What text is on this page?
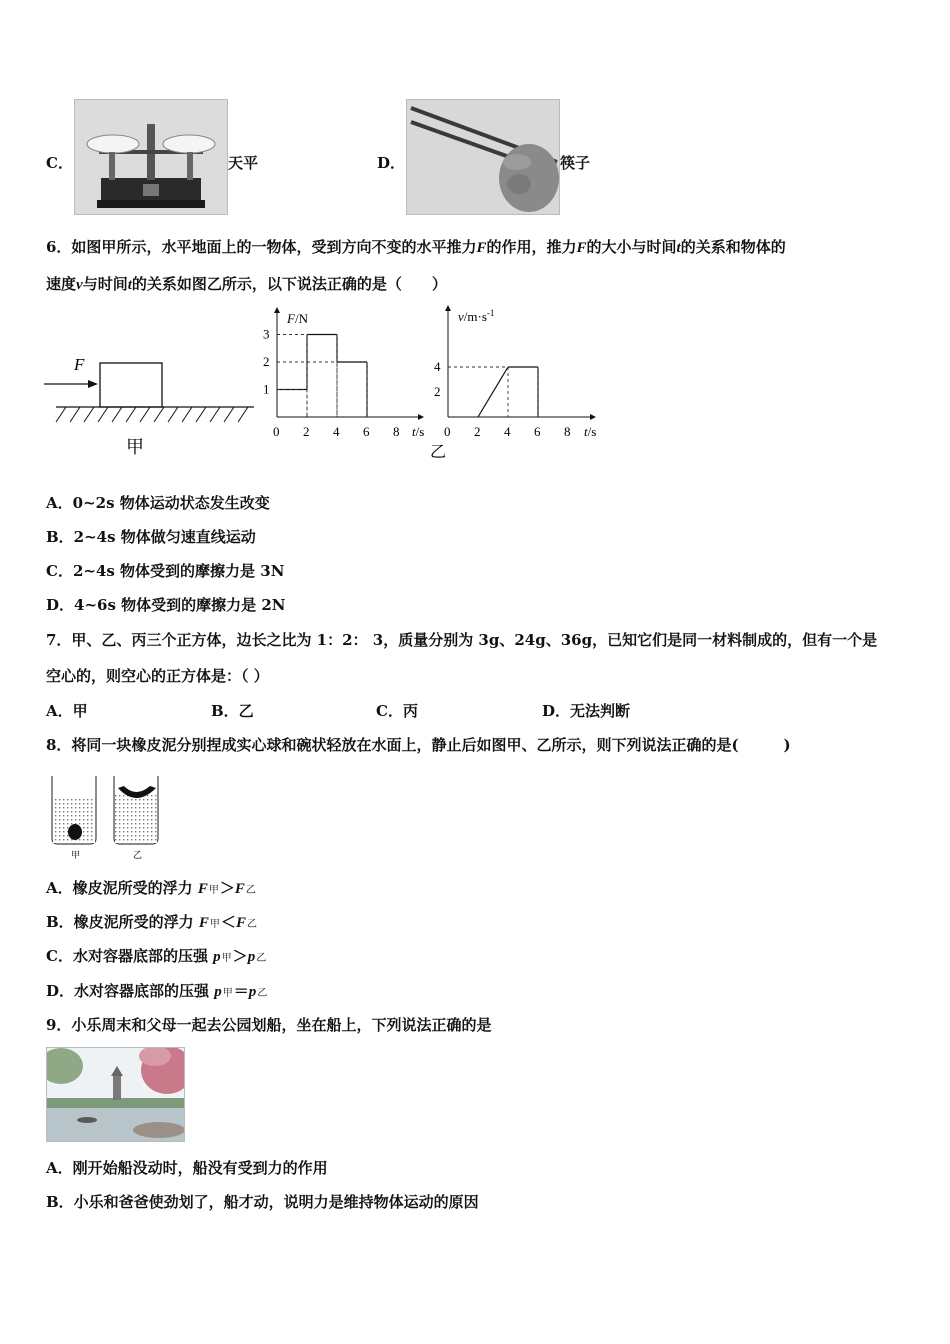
C．	天平	D．	筷子
6．如图甲所示，水平地面上的一物体，受到方向不变的水平推力F的作用，推力F的大小与时间t的关系和物体的
速度v与时间t的关系如图乙所示，以下说法正确的是（　　）
F
甲
F/N
t/s
0 2 4 6 8
1
2
3
$v/m\cdot s^{-1}$
t/s
0 2 4 6 8
2
4
乙
A．0~2s 物体运动状态发生改变
B．2~4s 物体做匀速直线运动
C．2~4s 物体受到的摩擦力是 3N
D．4~6s 物体受到的摩擦力是 2N
7．甲、乙、丙三个正方体，边长之比为 1：2： 3，质量分别为 3g、24g、36g，已知它们是同一材料制成的，但有一个是
空心的，则空心的正方体是：（ ）
A．甲	B．乙	C．丙	D．无法判断
8．将同一块橡皮泥分别捏成实心球和碗状轻放在水面上，静止后如图甲、乙所示，则下列说法正确的是(　　　)
甲	乙
A．橡皮泥所受的浮力 F甲＞F乙
B．橡皮泥所受的浮力 F甲＜F乙
C．水对容器底部的压强 p甲＞p乙
D．水对容器底部的压强 p甲＝p乙
9．小乐周末和父母一起去公园划船，坐在船上，下列说法正确的是
A．刚开始船没动时，船没有受到力的作用
B．小乐和爸爸使劲划了，船才动，说明力是维持物体运动的原因
